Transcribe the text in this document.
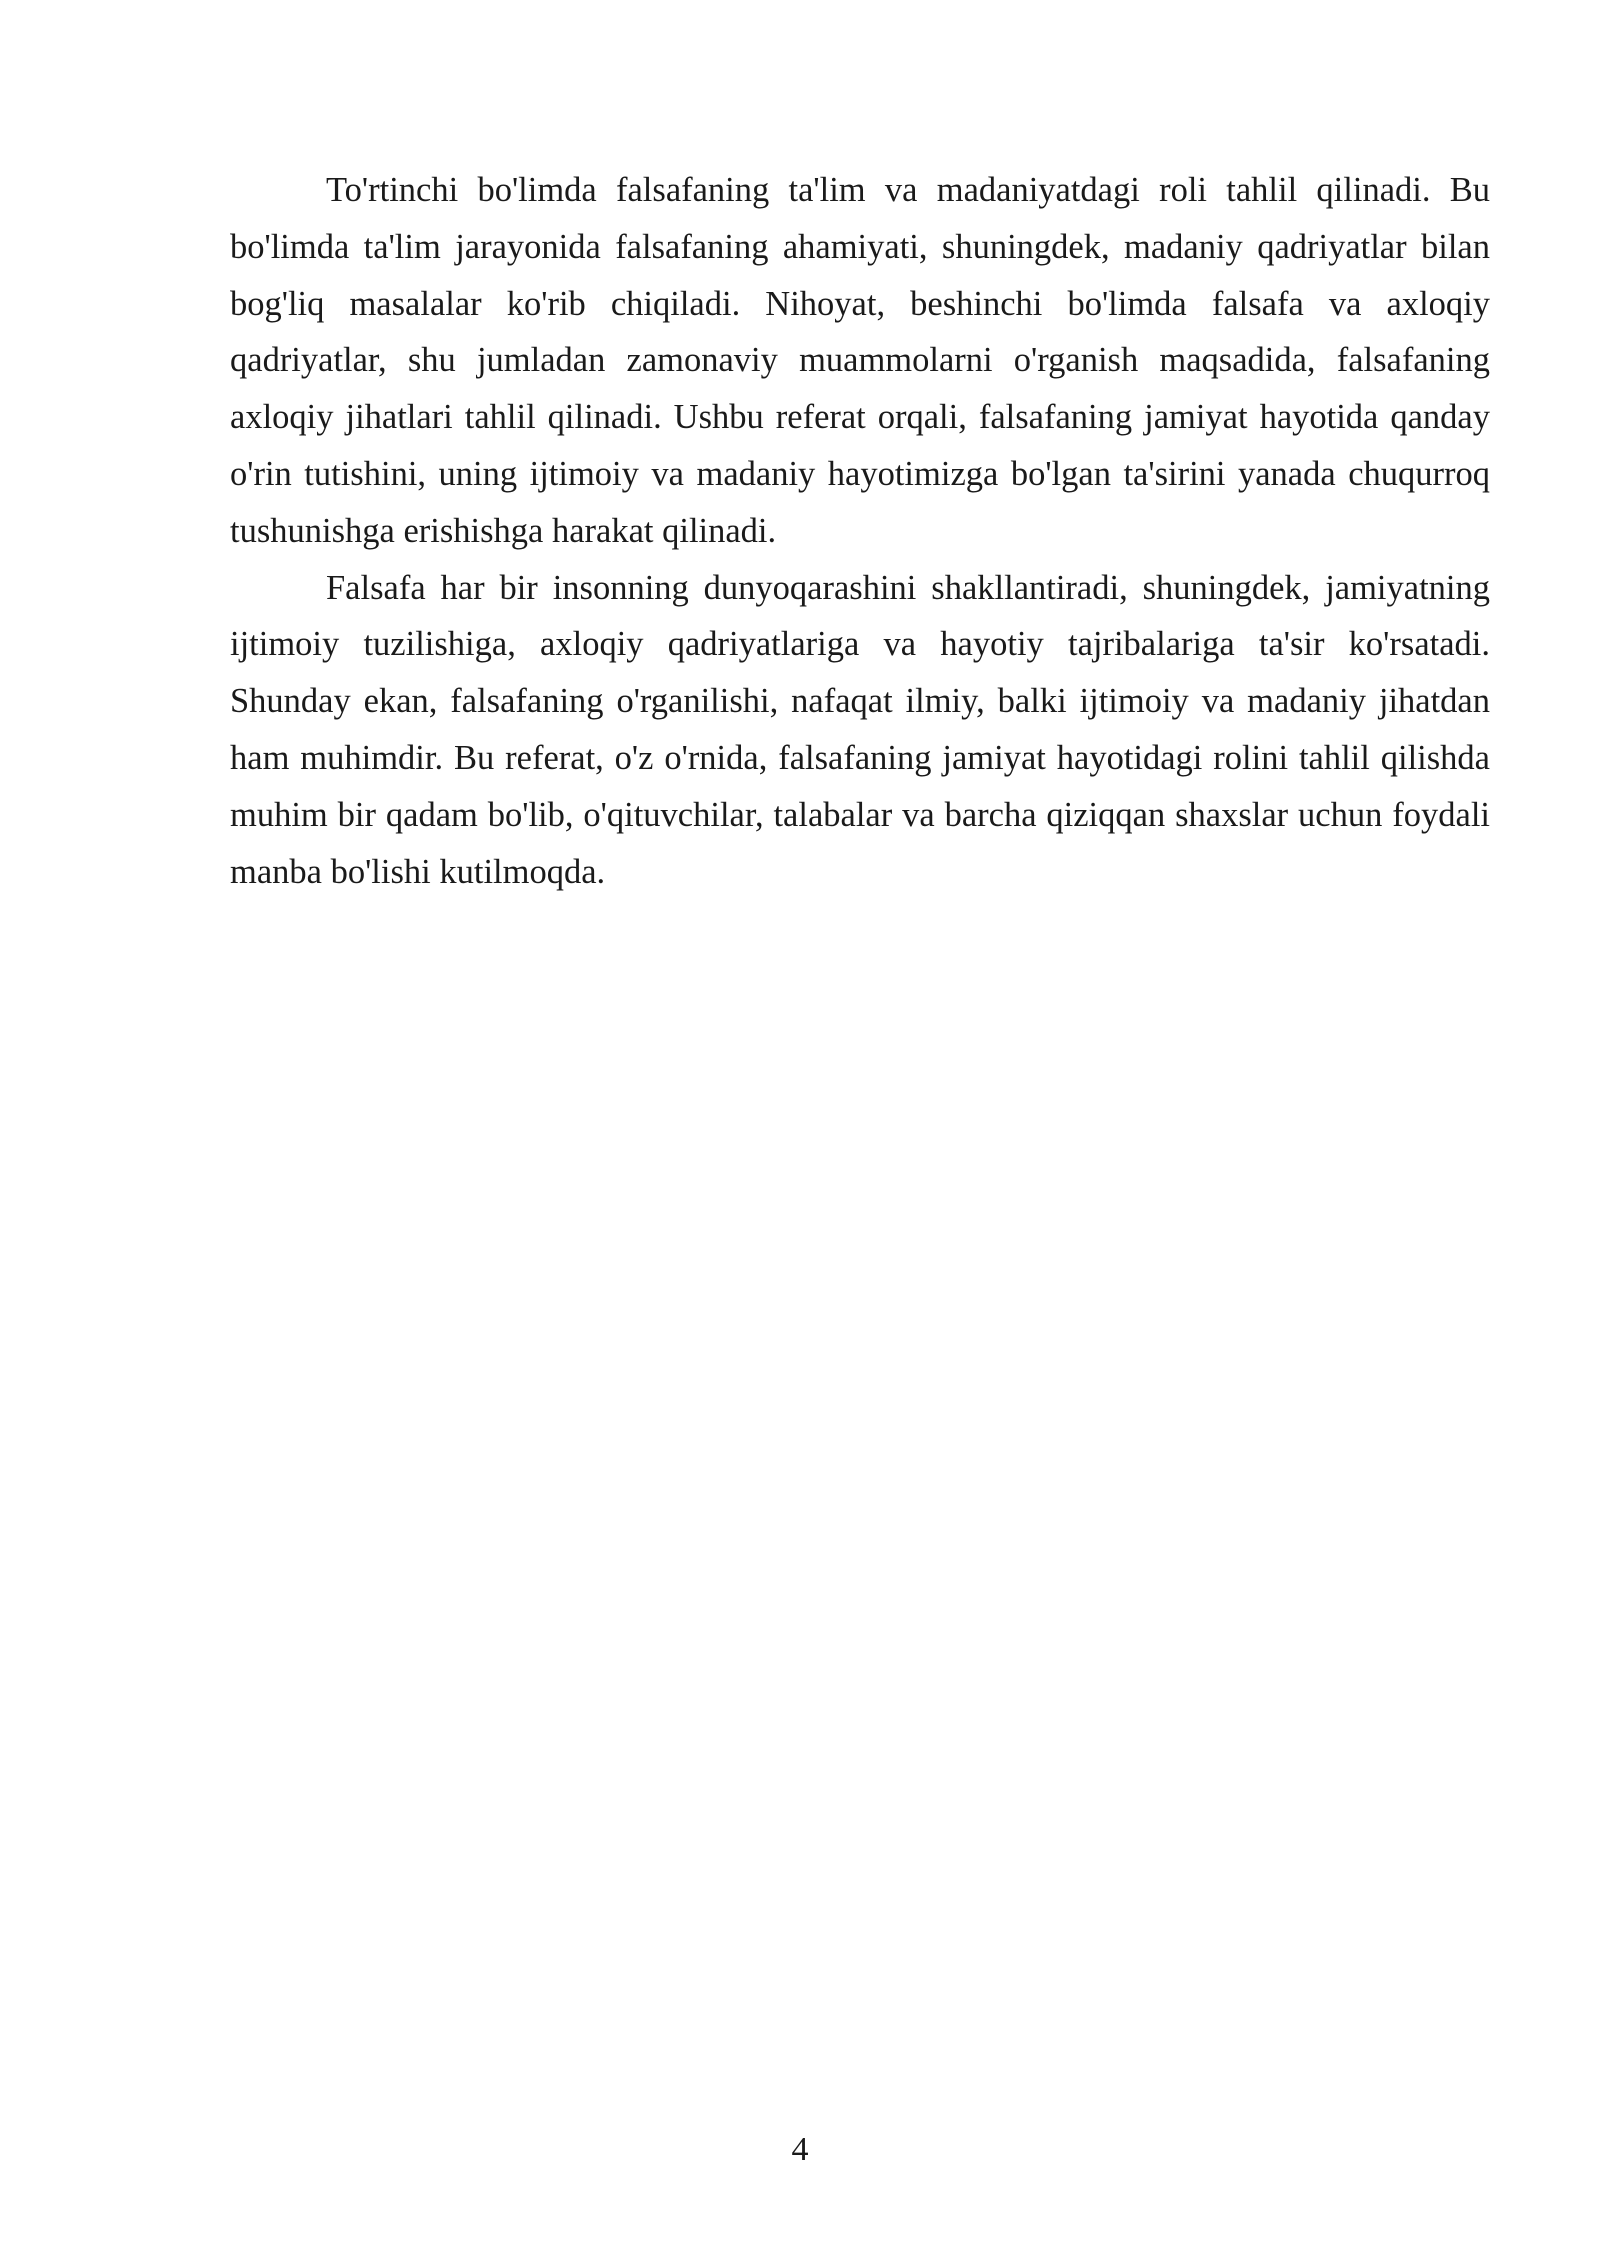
To'rtinchi bo'limda falsafaning ta'lim va madaniyatdagi roli tahlil qilinadi. Bu bo'limda ta'lim jarayonida falsafaning ahamiyati, shuningdek, madaniy qadriyatlar bilan bog'liq masalalar ko'rib chiqiladi. Nihoyat, beshinchi bo'limda falsafa va axloqiy qadriyatlar, shu jumladan zamonaviy muammolarni o'rganish maqsadida, falsafaning axloqiy jihatlari tahlil qilinadi. Ushbu referat orqali, falsafaning jamiyat hayotida qanday o'rin tutishini, uning ijtimoiy va madaniy hayotimizga bo'lgan ta'sirini yanada chuqurroq tushunishga erishishga harakat qilinadi.

Falsafa har bir insonning dunyoqarashini shakllantiradi, shuningdek, jamiyatning ijtimoiy tuzilishiga, axloqiy qadriyatlariga va hayotiy tajribalariga ta'sir ko'rsatadi. Shunday ekan, falsafaning o'rganilishi, nafaqat ilmiy, balki ijtimoiy va madaniy jihatdan ham muhimdir. Bu referat, o'z o'rnida, falsafaning jamiyat hayotidagi rolini tahlil qilishda muhim bir qadam bo'lib, o'qituvchilar, talabalar va barcha qiziqqan shaxslar uchun foydali manba bo'lishi kutilmoqda.

4
